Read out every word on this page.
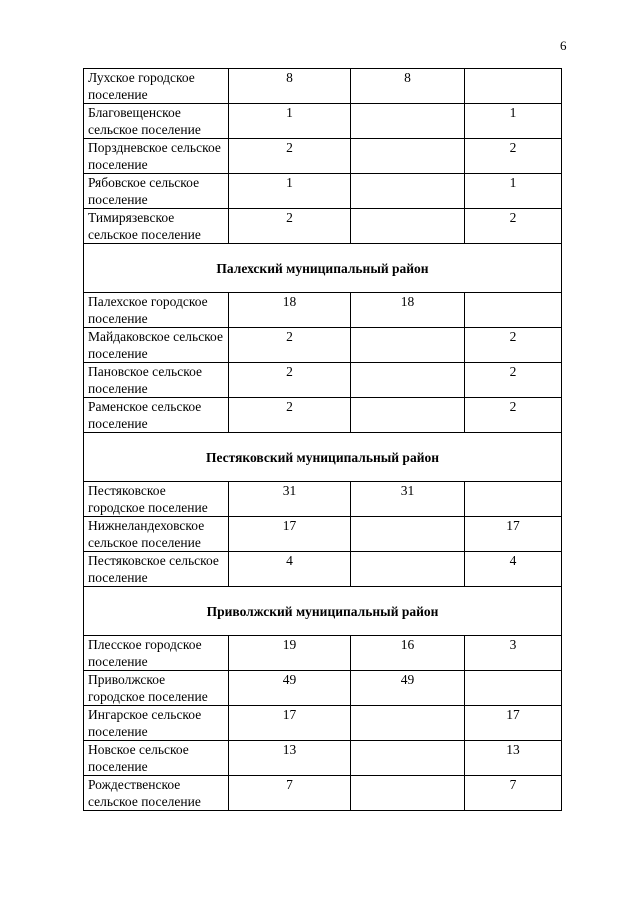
6
Лухское городское поселение	8	8	
Благовещенское сельское поселение	1		1
Порздневское сельское поселение	2		2
Рябовское сельское поселение	1		1
Тимирязевское сельское поселение	2		2
Палехский муниципальный район			
Палехское городское поселение	18	18	
Майдаковское сельское поселение	2		2
Пановское сельское поселение	2		2
Раменское сельское поселение	2		2
Пестяковский муниципальный район			
Пестяковское городское поселение	31	31	
Нижнеландеховское сельское поселение	17		17
Пестяковское сельское поселение	4		4
Приволжский муниципальный район			
Плесское городское поселение	19	16	3
Приволжское городское поселение	49	49	
Ингарское сельское поселение	17		17
Новское сельское поселение	13		13
Рождественское сельское поселение	7		7
